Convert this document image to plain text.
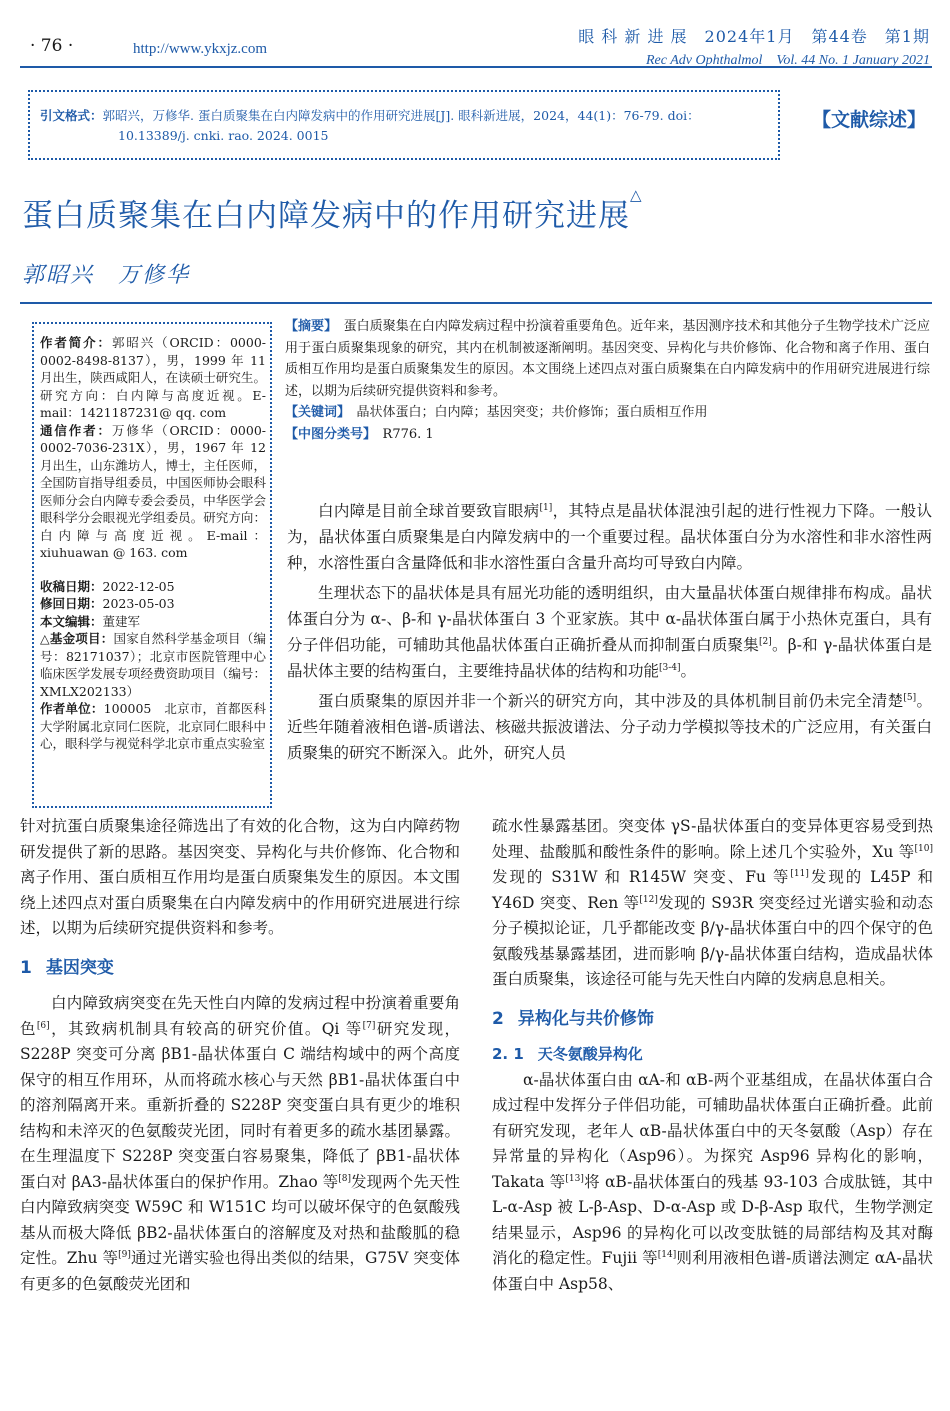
· 76 ·	http://www.ykxjz.com
眼 科 新 进 展　2024年1月　第44卷　第1期
Rec Adv Ophthalmol　Vol. 44 No. 1 January 2021
引文格式：郭昭兴，万修华. 蛋白质聚集在白内障发病中的作用研究进展[J]. 眼科新进展，2024，44(1)：76-79. doi：
10.13389/j. cnki. rao. 2024. 0015
【文献综述】
蛋白质聚集在白内障发病中的作用研究进展△
郭昭兴　万修华

作者简介：郭昭兴（ORCID：0000-0002-8498-8137），男，1999 年 11 月出生，陕西咸阳人，在读硕士研究生。研究方向：白内障与高度近视。E-mail：1421187231@ qq. com

通信作者：万修华（ORCID：0000-0002-7036-231X），男，1967 年 12 月出生，山东潍坊人，博士，主任医师，全国防盲指导组委员，中国医师协会眼科医师分会白内障专委会委员，中华医学会眼科学分会眼视光学组委员。研究方向：白内障与高度近视。E-mail：xiuhuawan @ 163. com

收稿日期：2022-12-05

修回日期：2023-05-03

本文编辑：董建军

△基金项目：国家自然科学基金项目（编号：82171037）；北京市医院管理中心临床医学发展专项经费资助项目（编号：XMLX202133）

作者单位：100005　北京市，首都医科大学附属北京同仁医院，北京同仁眼科中心，眼科学与视觉科学北京市重点实验室

【摘要】　 蛋白质聚集在白内障发病过程中扮演着重要角色。近年来，基因测序技术和其他分子生物学技术广泛应用于蛋白质聚集现象的研究，其内在机制被逐渐阐明。基因突变、异构化与共价修饰、化合物和离子作用、蛋白质相互作用均是蛋白质聚集发生的原因。本文围绕上述四点对蛋白质聚集在白内障发病中的作用研究进展进行综述，以期为后续研究提供资料和参考。

【关键词】　 晶状体蛋白；白内障；基因突变；共价修饰；蛋白质相互作用

【中图分类号】　 R776. 1

白内障是目前全球首要致盲眼病[1]，其特点是晶状体混浊引起的进行性视力下降。一般认为，晶状体蛋白质聚集是白内障发病中的一个重要过程。晶状体蛋白分为水溶性和非水溶性两种，水溶性蛋白含量降低和非水溶性蛋白含量升高均可导致白内障。

生理状态下的晶状体是具有屈光功能的透明组织，由大量晶状体蛋白规律排布构成。晶状体蛋白分为 α-、β-和 γ-晶状体蛋白 3 个亚家族。其中 α-晶状体蛋白属于小热休克蛋白，具有分子伴侣功能，可辅助其他晶状体蛋白正确折叠从而抑制蛋白质聚集[2]。β-和 γ-晶状体蛋白是晶状体主要的结构蛋白，主要维持晶状体的结构和功能[3-4]。

蛋白质聚集的原因并非一个新兴的研究方向，其中涉及的具体机制目前仍未完全清楚[5]。近些年随着液相色谱-质谱法、核磁共振波谱法、分子动力学模拟等技术的广泛应用，有关蛋白质聚集的研究不断深入。此外，研究人员

针对抗蛋白质聚集途径筛选出了有效的化合物，这为白内障药物研发提供了新的思路。基因突变、异构化与共价修饰、化合物和离子作用、蛋白质相互作用均是蛋白质聚集发生的原因。本文围绕上述四点对蛋白质聚集在白内障发病中的作用研究进展进行综述，以期为后续研究提供资料和参考。

1 基因突变

白内障致病突变在先天性白内障的发病过程中扮演着重要角色[6]，其致病机制具有较高的研究价值。Qi 等[7]研究发现，S228P 突变可分离 βB1-晶状体蛋白 C 端结构域中的两个高度保守的相互作用环，从而将疏水核心与天然 βB1-晶状体蛋白中的溶剂隔离开来。重新折叠的 S228P 突变蛋白具有更少的堆积结构和未淬灭的色氨酸荧光团，同时有着更多的疏水基团暴露。在生理温度下 S228P 突变蛋白容易聚集，降低了 βB1-晶状体蛋白对 βA3-晶状体蛋白的保护作用。Zhao 等[8]发现两个先天性白内障致病突变 W59C 和 W151C 均可以破坏保守的色氨酸残基从而极大降低 βB2-晶状体蛋白的溶解度及对热和盐酸胍的稳定性。Zhu 等[9]通过光谱实验也得出类似的结果，G75V 突变体有更多的色氨酸荧光团和

疏水性暴露基团。突变体 γS-晶状体蛋白的变异体更容易受到热处理、盐酸胍和酸性条件的影响。除上述几个实验外，Xu 等[10]发现的 S31W 和 R145W 突变、Fu 等[11]发现的 L45P 和 Y46D 突变、Ren 等[12]发现的 S93R 突变经过光谱实验和动态分子模拟论证，几乎都能改变 β/γ-晶状体蛋白中的四个保守的色氨酸残基暴露基团，进而影响 β/γ-晶状体蛋白结构，造成晶状体蛋白质聚集，该途径可能与先天性白内障的发病息息相关。

2 异构化与共价修饰
2. 1 天冬氨酸异构化

α-晶状体蛋白由 αA-和 αB-两个亚基组成，在晶状体蛋白合成过程中发挥分子伴侣功能，可辅助晶状体蛋白正确折叠。此前有研究发现，老年人 αB-晶状体蛋白中的天冬氨酸（Asp）存在异常量的异构化（Asp96）。为探究 Asp96 异构化的影响，Takata 等[13]将 αB-晶状体蛋白的残基 93-103 合成肽链，其中 L-α-Asp 被 L-β-Asp、D-α-Asp 或 D-β-Asp 取代，生物学测定结果显示，Asp96 的异构化可以改变肽链的局部结构及其对酶消化的稳定性。Fujii 等[14]则利用液相色谱-质谱法测定 αA-晶状体蛋白中 Asp58、
